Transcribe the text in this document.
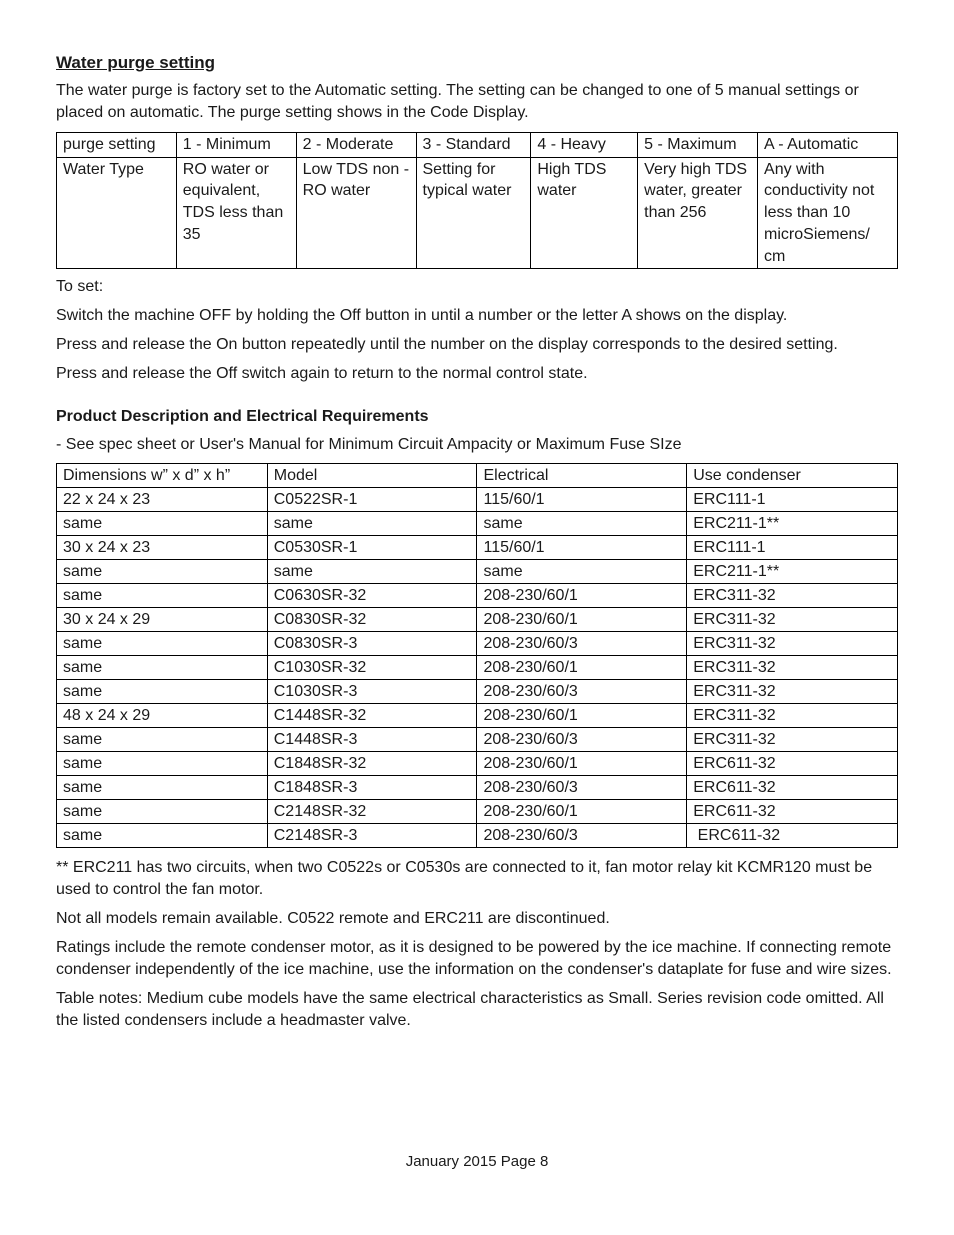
Water purge setting

The water purge is factory set to the Automatic setting. The setting can be changed to one of 5 manual settings or placed on automatic. The purge setting shows in the Code Display.

purge setting	1 - Minimum	2 - Moderate	3 - Standard	4 - Heavy	5 - Maximum	A - Automatic
Water Type	RO water or equivalent, TDS less than 35	Low TDS non - RO water	Setting for typical water	High TDS water	Very high TDS water, greater than 256	Any with conductivity not less than 10 microSiemens/ cm

To set:

Switch the machine OFF by holding the Off button in until a number or the letter A shows on the display.

Press and release the On button repeatedly until the number on the display corresponds to the desired setting.

Press and release the Off switch again to return to the normal control state.

Product Description and Electrical Requirements

- See spec sheet or User's Manual for Minimum Circuit Ampacity or Maximum Fuse SIze

Dimensions w” x d” x h”	Model	Electrical	Use condenser
22 x 24 x 23	C0522SR-1	115/60/1	ERC111-1
same	same	same	ERC211-1**
30 x 24 x 23	C0530SR-1	115/60/1	ERC111-1
same	same	same	ERC211-1**
same	C0630SR-32	208-230/60/1	ERC311-32
30 x 24 x 29	C0830SR-32	208-230/60/1	ERC311-32
same	C0830SR-3	208-230/60/3	ERC311-32
same	C1030SR-32	208-230/60/1	ERC311-32
same	C1030SR-3	208-230/60/3	ERC311-32
48 x 24 x 29	C1448SR-32	208-230/60/1	ERC311-32
same	C1448SR-3	208-230/60/3	ERC311-32
same	C1848SR-32	208-230/60/1	ERC611-32
same	C1848SR-3	208-230/60/3	ERC611-32
same	C2148SR-32	208-230/60/1	ERC611-32
same	C2148SR-3	208-230/60/3	ERC611-32

** ERC211 has two circuits, when two C0522s or C0530s are connected to it, fan motor relay kit KCMR120 must be used to control the fan motor.

Not all models remain available. C0522 remote and ERC211 are discontinued.

Ratings include the remote condenser motor, as it is designed to be powered by the ice machine. If connecting remote condenser independently of the ice machine, use the information on the condenser's dataplate for fuse and wire sizes.

Table notes: Medium cube models have the same electrical characteristics as Small. Series revision code omitted. All the listed condensers include a headmaster valve.

January 2015 Page 8
